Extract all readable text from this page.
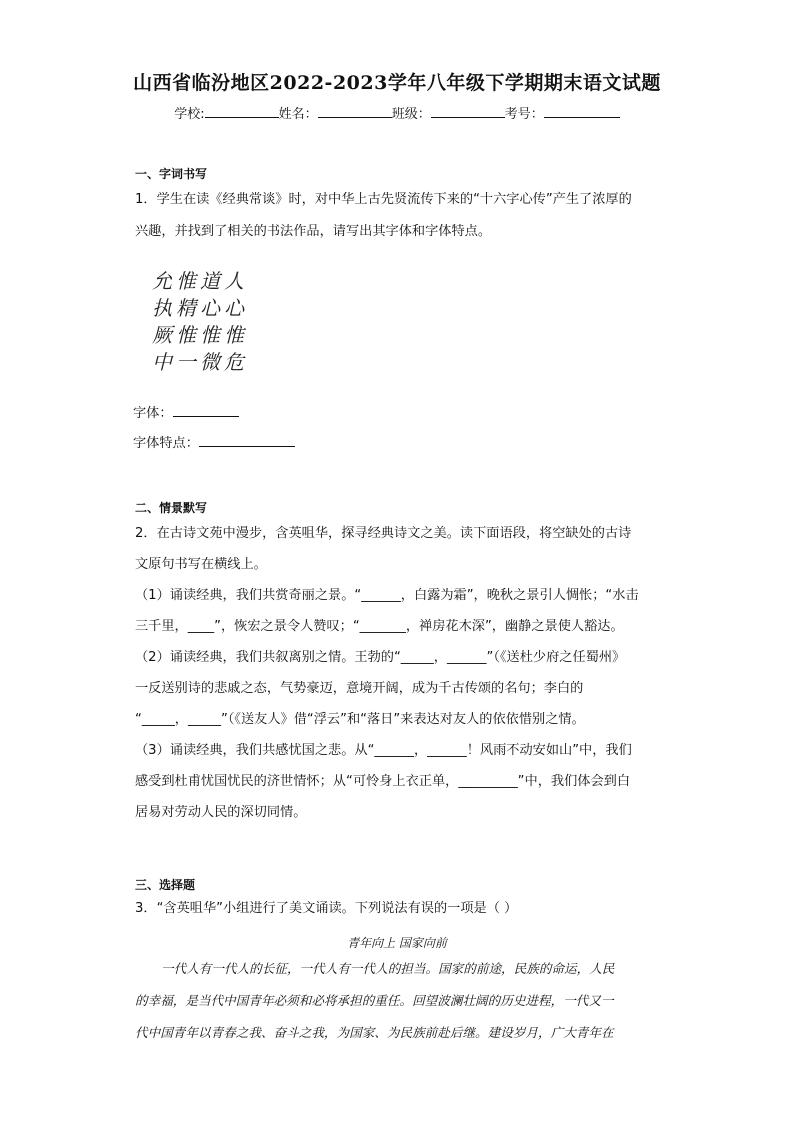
山西省临汾地区2022-2023学年八年级下学期期末语文试题
学校:	姓名：	班级：	考号：
一、字词书写
1．学生在读《经典常谈》时，对中华上古先贤流传下来的“十六字心传”产生了浓厚的
兴趣，并找到了相关的书法作品，请写出其字体和字体特点。
允惟道人
执精心心
厥惟惟惟
中一微危
字体：
字体特点：
二、情景默写
2．在古诗文苑中漫步，含英咀华，探寻经典诗文之美。读下面语段，将空缺处的古诗
文原句书写在横线上。
（1）诵读经典，我们共赏奇丽之景。“______，白露为霜”，晚秋之景引人惆怅；“水击
三千里，____”，恢宏之景令人赞叹；“_______，禅房花木深”，幽静之景使人豁达。
（2）诵读经典，我们共叙离别之情。王勃的“_____，______”（《送杜少府之任蜀州》
一反送别诗的悲戚之态，气势豪迈，意境开阔，成为千古传颂的名句；李白的
“_____，_____”（《送友人》借“浮云”和“落日”来表达对友人的依依惜别之情。
（3）诵读经典，我们共感忧国之悲。从“______，______！风雨不动安如山”中，我们
感受到杜甫忧国忧民的济世情怀；从“可怜身上衣正单，_________”中，我们体会到白
居易对劳动人民的深切同情。
三、选择题
3．“含英咀华”小组进行了美文诵读。下列说法有误的一项是（ ）
青年向上 国家向前
一代人有一代人的长征，一代人有一代人的担当。国家的前途，民族的命运，人民
的幸福，是当代中国青年必须和必将承担的重任。回望波澜壮阔的历史进程，一代又一
代中国青年以青春之我、奋斗之我，为国家、为民族前赴后继。建设岁月，广大青年在
